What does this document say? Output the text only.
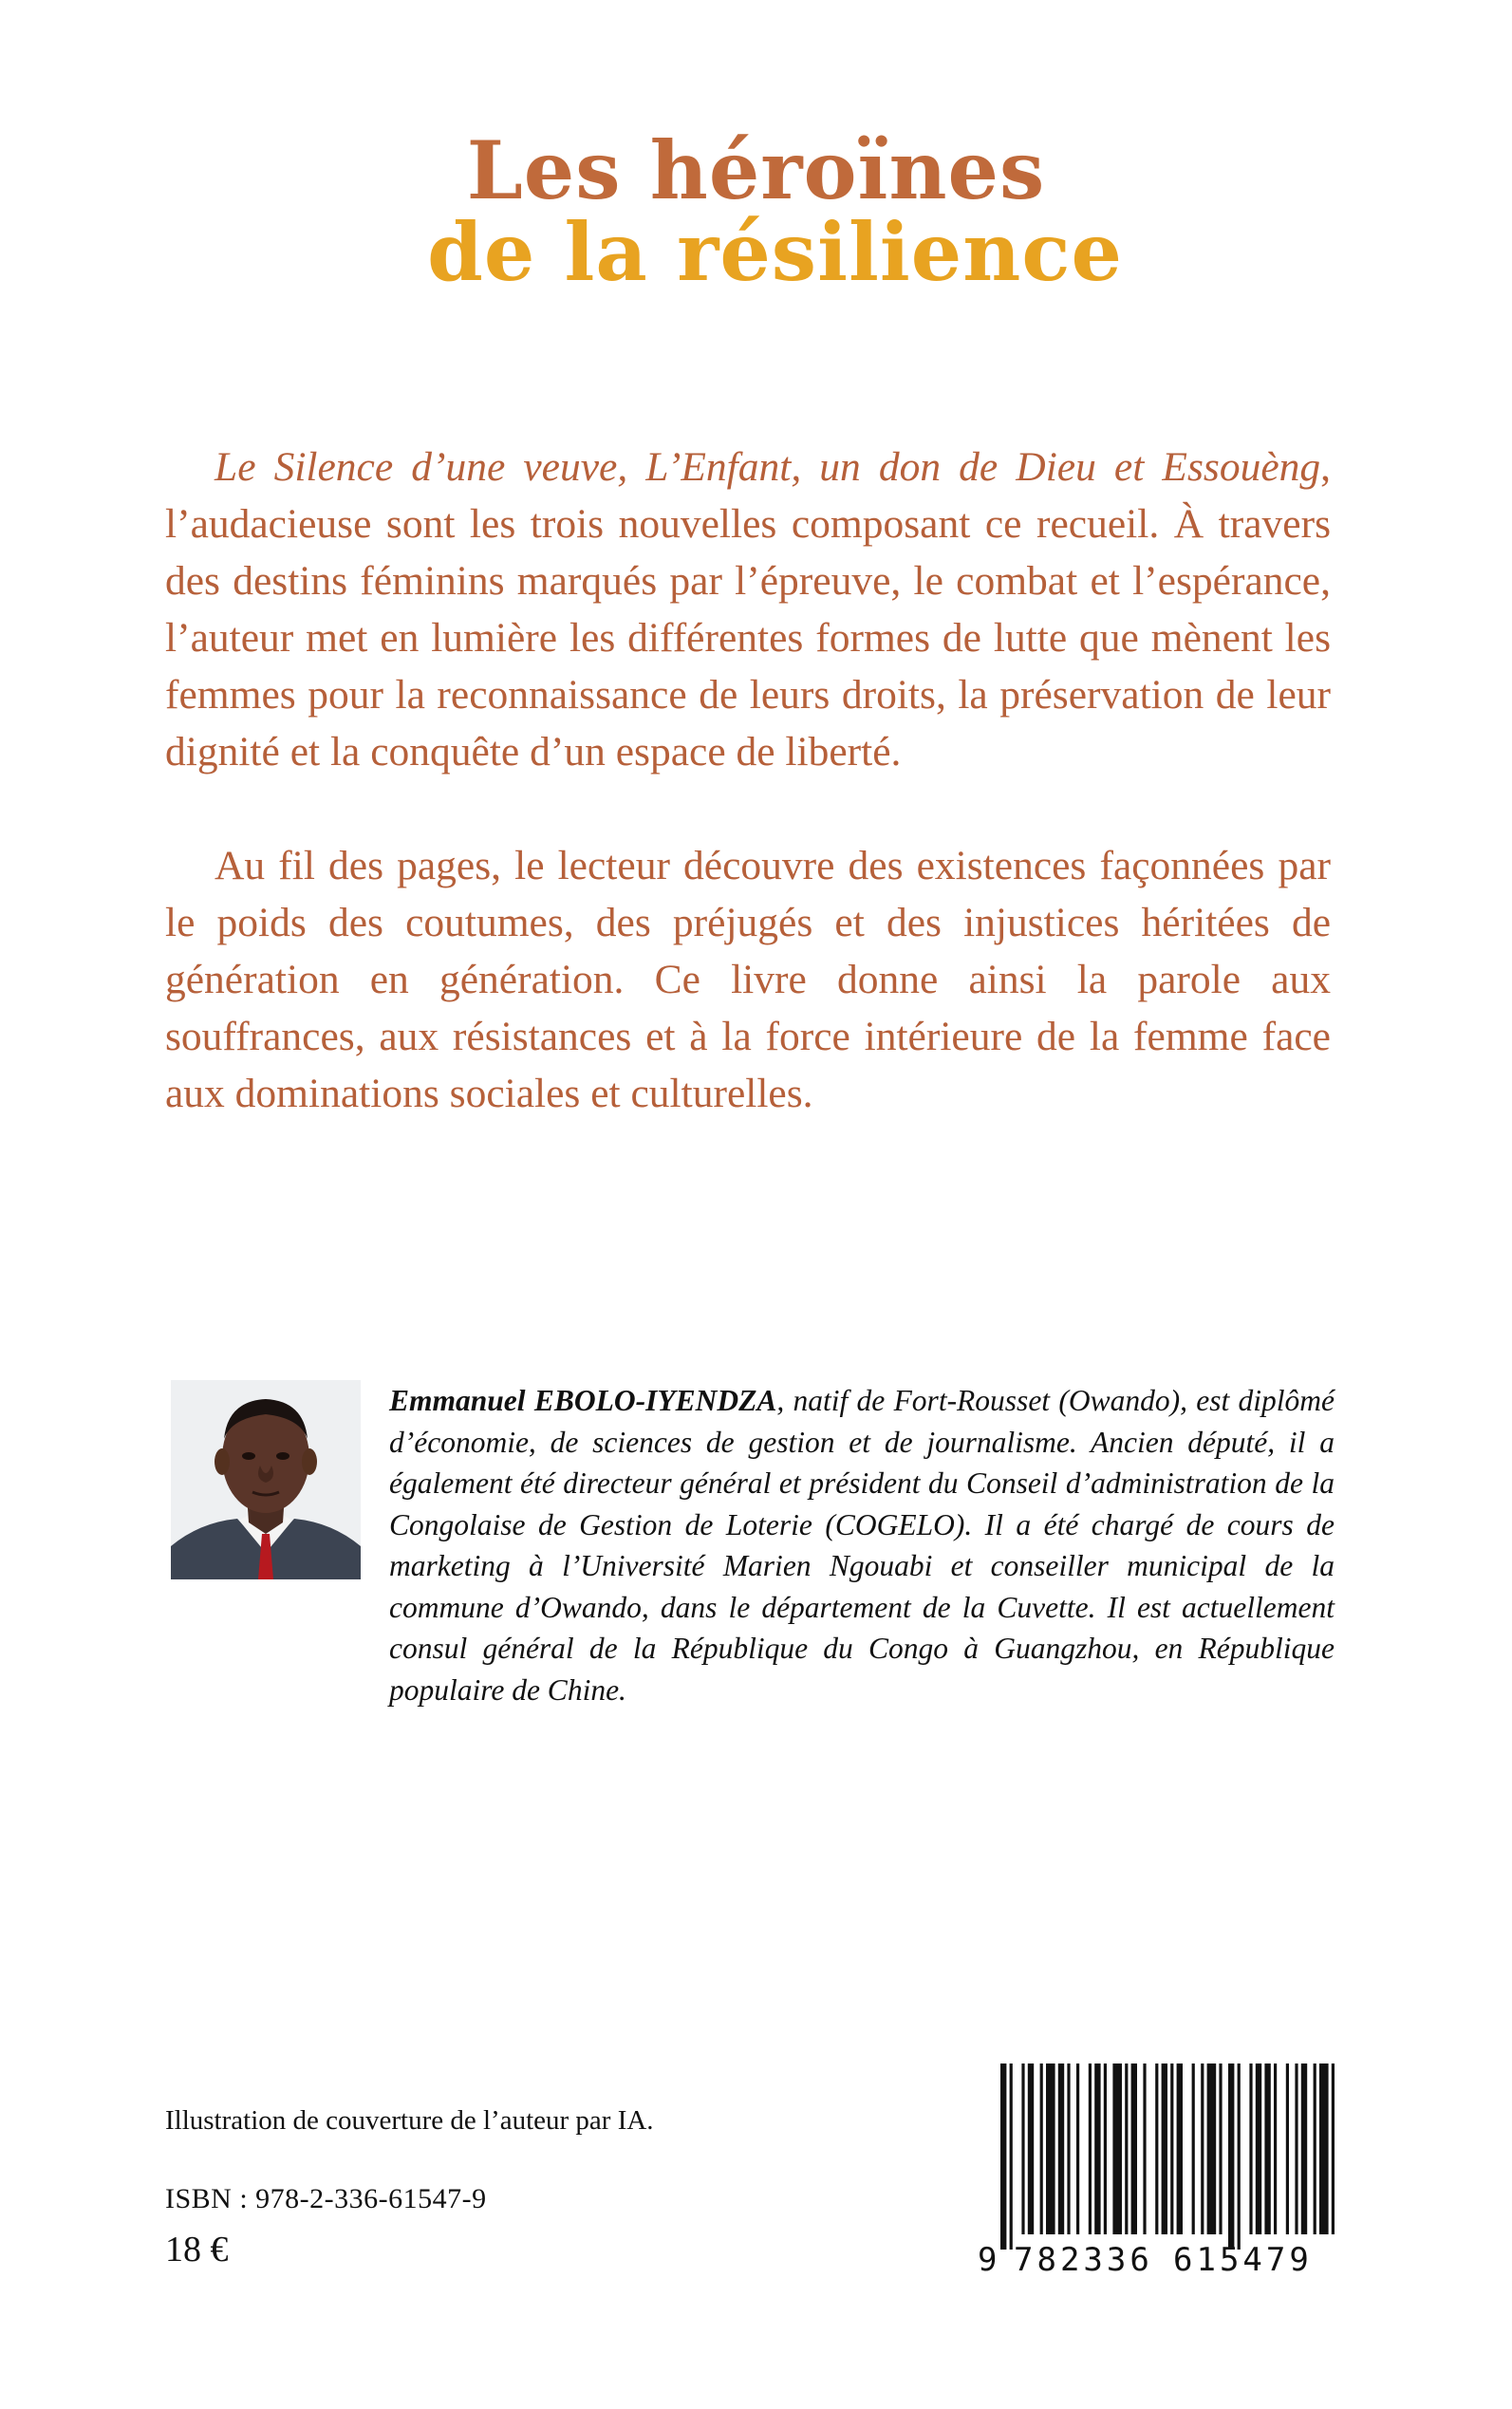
Les héroïnes
de la résilience

Le Silence d’une veuve, L’Enfant, un don de Dieu et Essouèng, l’audacieuse sont les trois nouvelles composant ce recueil. À travers des destins féminins marqués par l’épreuve, le combat et l’espérance, l’auteur met en lumière les différentes formes de lutte que mènent les femmes pour la reconnaissance de leurs droits, la préservation de leur dignité et la conquête d’un espace de liberté.

Au fil des pages, le lecteur découvre des existences façonnées par le poids des coutumes, des préjugés et des injustices héritées de génération en génération. Ce livre donne ainsi la parole aux souffrances, aux résistances et à la force intérieure de la femme face aux dominations sociales et culturelles.

Emmanuel EBOLO-IYENDZA, natif de Fort-Rousset (Owando), est diplômé d’économie, de sciences de gestion et de journalisme. Ancien député, il a également été directeur général et président du Conseil d’administration de la Congolaise de Gestion de Loterie (COGELO). Il a été chargé de cours de marketing à l’Université Marien Ngouabi et conseiller municipal de la commune d’Owando, dans le département de la Cuvette. Il est actuellement consul général de la République du Congo à Guangzhou, en République populaire de Chine.

Illustration de couverture de l’auteur par IA.

ISBN : 978-2-336-61547-9

18 €	9 782336 615479
